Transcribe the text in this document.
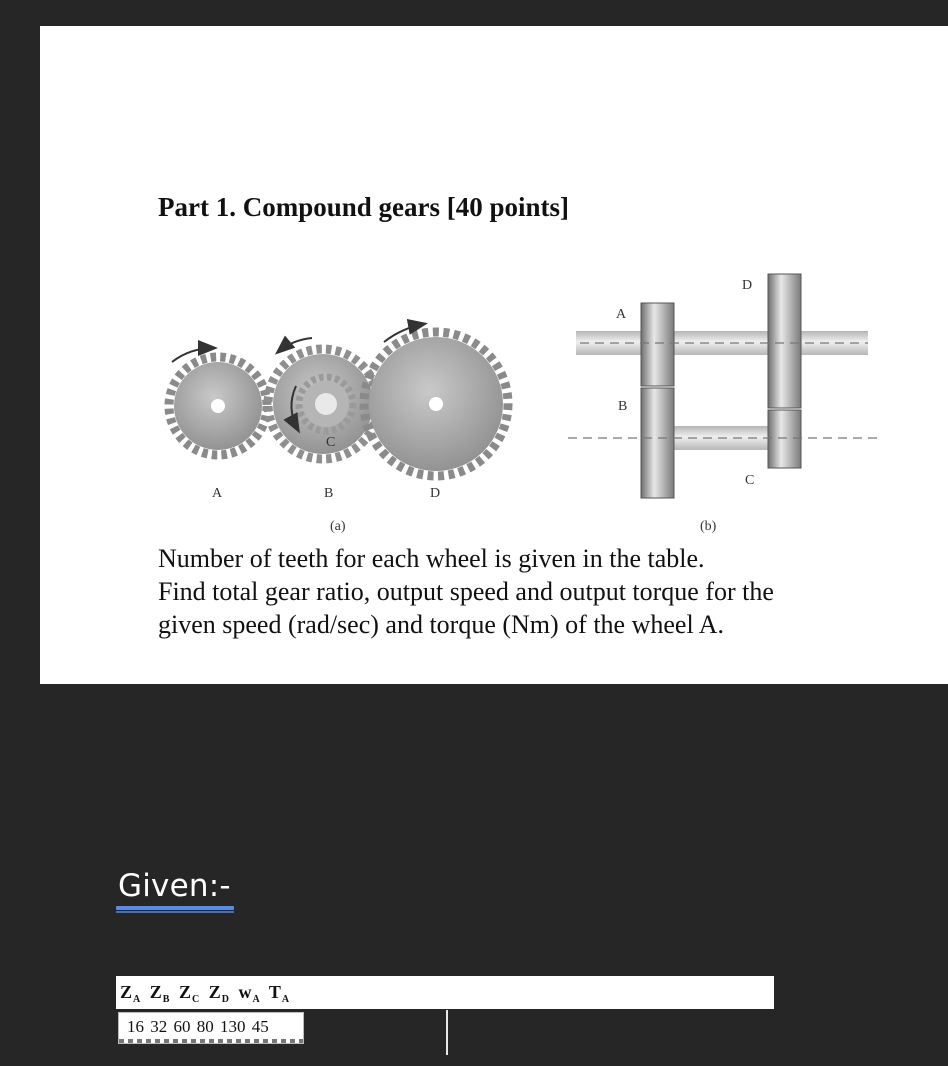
Part 1. Compound gears [40 points]
A	B
C
D
(a)
A
B
C
D
(b)
Number of teeth for each wheel is given in the table.
Find total gear ratio, output speed and output torque for the
given speed (rad/sec) and torque (Nm) of the wheel A.
Given:-

$Z_A$ $Z_B$ $Z_C$ $Z_D$ $w_A$ $T_A$

16 32 60 80 130 45
